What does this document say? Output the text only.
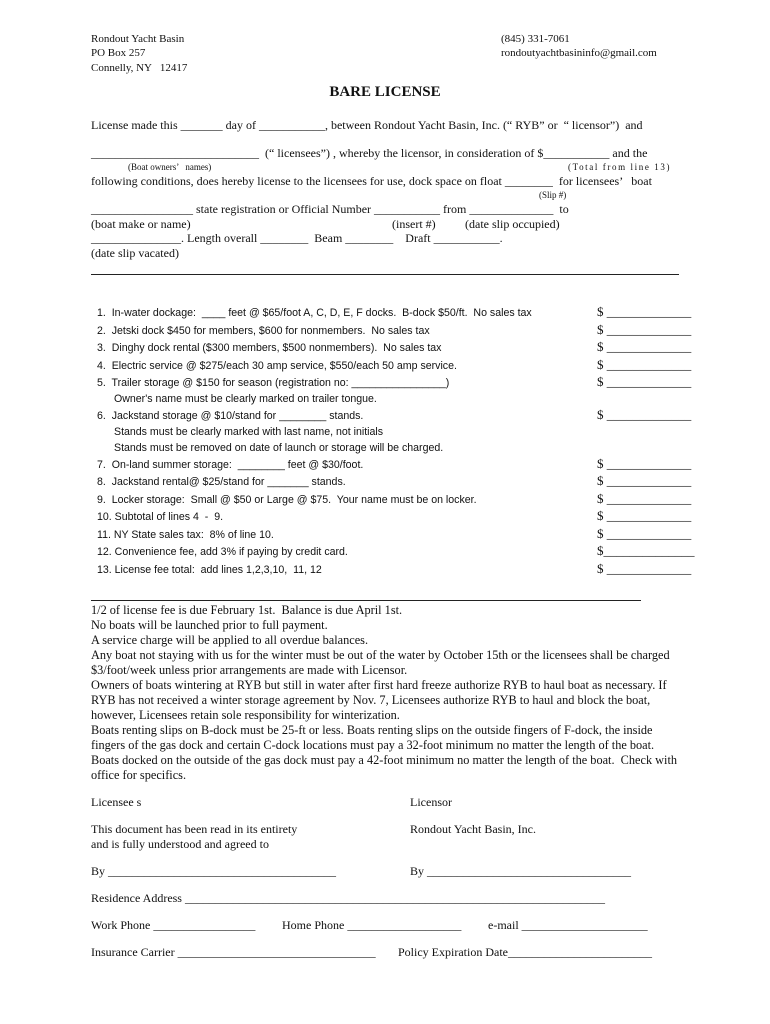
Rondout Yacht Basin
PO Box 257
Connelly, NY   12417
(845) 331-7061
rondoutyachtbasininfo@gmail.com
BARE LICENSE
License made this _______ day of ___________, between Rondout Yacht Basin, Inc. (“ RYB” or  “ licensor”)  and
____________________________  (“ licensees”) , whereby the licensor, in consideration of $___________ and the
(Boat owners’   names)	(Total from line 13)
following conditions, does hereby license to the licensees for use, dock space on float ________  for licensees’   boat
(Slip #)
_________________ state registration or Official Number ___________ from ______________  to
(boat make or name)	(insert #) (date slip occupied)
_______________. Length overall ________  Beam ________    Draft ___________.
(date slip vacated)
1.  In-water dockage:  ____ feet @ $65/foot A, C, D, E, F docks.  B-dock $50/ft.  No sales tax	$ _____________
2.  Jetski dock $450 for members, $600 for nonmembers.  No sales tax	$ _____________
3.  Dinghy dock rental ($300 members, $500 nonmembers).  No sales tax	$ _____________
4.  Electric service @ $275/each 30 amp service, $550/each 50 amp service.	$ _____________
5.  Trailer storage @ $150 for season (registration no: ________________)	$ _____________
Owner's name must be clearly marked on trailer tongue.
6.  Jackstand storage @ $10/stand for ________ stands.	$ _____________
Stands must be clearly marked with last name, not initials
Stands must be removed on date of launch or storage will be charged.
7.  On-land summer storage:  ________ feet @ $30/foot.	$ _____________
8.  Jackstand rental@ $25/stand for _______ stands.	$ _____________
9.  Locker storage:  Small @ $50 or Large @ $75.  Your name must be on locker.	$ _____________
10. Subtotal of lines 4  -  9.	$ _____________
11. NY State sales tax:  8% of line 10.	$ _____________
12. Convenience fee, add 3% if paying by credit card.	$______________
13. License fee total:  add lines 1,2,3,10,  11, 12	$ _____________
1/2 of license fee is due February 1st.  Balance is due April 1st.
No boats will be launched prior to full payment.
A service charge will be applied to all overdue balances.
Any boat not staying with us for the winter must be out of the water by October 15th or the licensees shall be charged
$3/foot/week unless prior arrangements are made with Licensor.
Owners of boats wintering at RYB but still in water after first hard freeze authorize RYB to haul boat as necessary. If
RYB has not received a winter storage agreement by Nov. 7, Licensees authorize RYB to haul and block the boat,
however, Licensees retain sole responsibility for winterization.
Boats renting slips on B-dock must be 25-ft or less. Boats renting slips on the outside fingers of F-dock, the inside
fingers of the gas dock and certain C-dock locations must pay a 32-foot minimum no matter the length of the boat.
Boats docked on the outside of the gas dock must pay a 42-foot minimum no matter the length of the boat.  Check with
office for specifics.
Licensee s	Licensor
This document has been read in its entirety
and is fully understood and agreed to
Rondout Yacht Basin, Inc.
By ______________________________________	By __________________________________
Residence Address ______________________________________________________________________
Work Phone _________________ Home Phone ___________________ e-mail _____________________
Insurance Carrier _________________________________ Policy Expiration Date________________________
